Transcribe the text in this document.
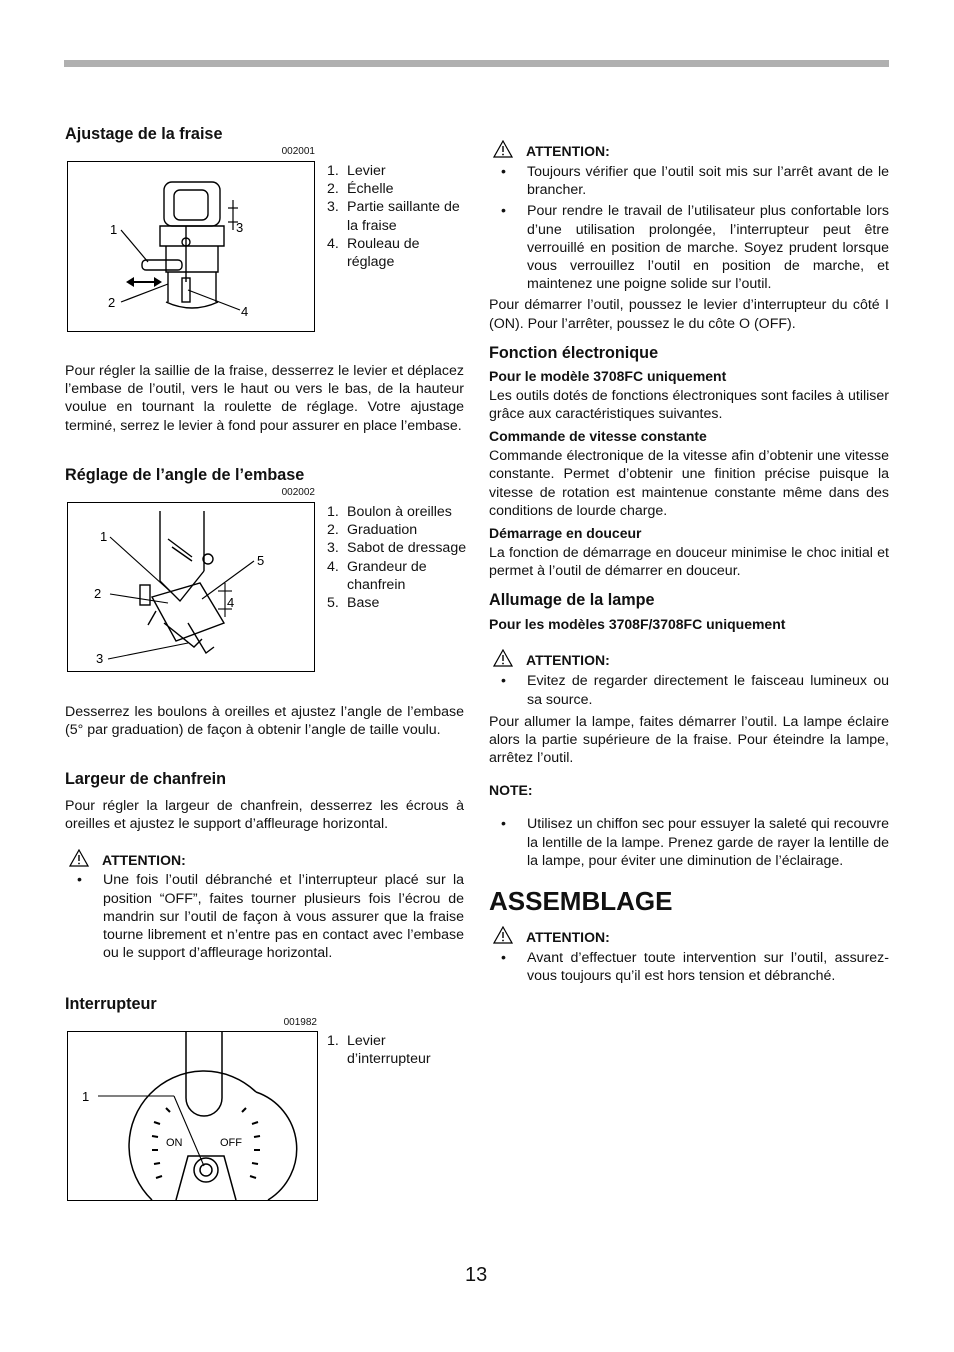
Ajustage de la fraise
002001
1
2
3
4
1. Levier
2. Échelle
3. Partie saillante de la fraise
4. Rouleau de réglage

Pour régler la saillie de la fraise, desserrez le levier et déplacez l’embase de l’outil, vers le haut ou vers le bas, de la hauteur voulue en tournant la roulette de réglage. Votre ajustage terminé, serrez le levier à fond pour assurer en place l’embase.

Réglage de l’angle de l’embase
002002
1
2
3
4
5
1. Boulon à oreilles
2. Graduation
3. Sabot de dressage
4. Grandeur de chanfrein
5. Base

Desserrez les boulons à oreilles et ajustez l’angle de l’embase (5° par graduation) de façon à obtenir l’angle de taille voulu.

Largeur de chanfrein

Pour régler la largeur de chanfrein, desserrez les écrous à oreilles et ajustez le support d’affleurage horizontal.

ATTENTION:
• Une fois l’outil débranché et l’interrupteur placé sur la position “OFF”, faites tourner plusieurs fois l’écrou de mandrin sur l’outil de façon à vous assurer que la fraise tourne librement et n’entre pas en contact avec l’embase ou le support d’affleurage horizontal.
Interrupteur
001982
1
ON	OFF
1. Levier d’interrupteur
ATTENTION:
• Toujours vérifier que l’outil soit mis sur l’arrêt avant de le brancher.
• Pour rendre le travail de l’utilisateur plus confortable lors d’une utilisation prolongée, l’interrupteur peut être verrouillé en position de marche. Soyez prudent lorsque vous verrouillez l’outil en position de marche, et maintenez une poigne solide sur l’outil.

Pour démarrer l’outil, poussez le levier d’interrupteur du côté I (ON). Pour l’arrêter, poussez le du côte O (OFF).

Fonction électronique
Pour le modèle 3708FC uniquement

Les outils dotés de fonctions électroniques sont faciles à utiliser grâce aux caractéristiques suivantes.

Commande de vitesse constante

Commande électronique de la vitesse afin d’obtenir une vitesse constante. Permet d’obtenir une finition précise puisque la vitesse de rotation est maintenue constante même dans des conditions de lourde charge.

Démarrage en douceur

La fonction de démarrage en douceur minimise le choc initial et permet à l’outil de démarrer en douceur.

Allumage de la lampe
Pour les modèles 3708F/3708FC uniquement
ATTENTION:
• Evitez de regarder directement le faisceau lumineux ou sa source.

Pour allumer la lampe, faites démarrer l’outil. La lampe éclaire alors la partie supérieure de la fraise. Pour éteindre la lampe, arrêtez l’outil.

NOTE:
• Utilisez un chiffon sec pour essuyer la saleté qui recouvre la lentille de la lampe. Prenez garde de rayer la lentille de la lampe, pour éviter une diminution de l’éclairage.
ASSEMBLAGE
ATTENTION:
• Avant d’effectuer toute intervention sur l’outil, assurez-vous toujours qu’il est hors tension et débranché.
13
